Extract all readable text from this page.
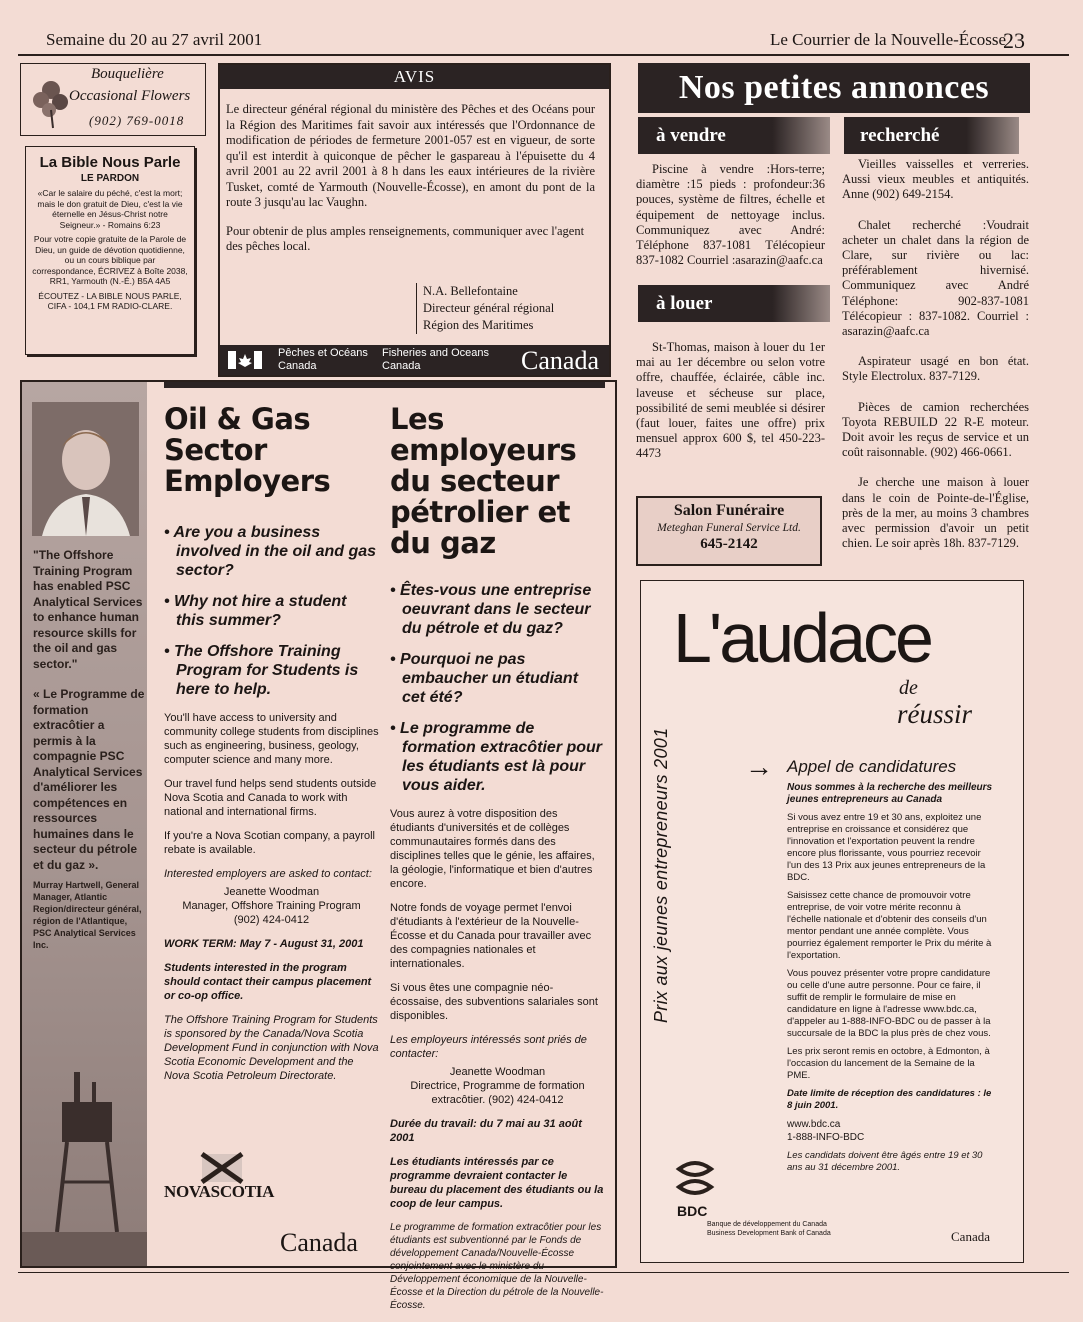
Semaine du 20 au 27 avril 2001	Le Courrier de la Nouvelle-Écosse
23
Bouquelière
Occasional Flowers
(902) 769-0018
La Bible Nous Parle
LE PARDON
«Car le salaire du péché, c'est la mort; mais le don gratuit de Dieu, c'est la vie éternelle en Jésus-Christ notre Seigneur.» - Romains 6:23
Pour votre copie gratuite de la Parole de Dieu, un guide de dévotion quotidienne, ou un cours biblique par correspondance, ÉCRIVEZ à Boîte 2038, RR1, Yarmouth (N.-É.) B5A 4A5
ÉCOUTEZ - LA BIBLE NOUS PARLE, CIFA - 104,1 FM RADIO-CLARE.
AVIS
Le directeur général régional du ministère des Pêches et des Océans pour la Région des Maritimes fait savoir aux intéressés que l'Ordonnance de modification de périodes de fermeture 2001-057 est en vigueur, de sorte qu'il est interdit à quiconque de pêcher le gaspareau à l'épuisette du 4 avril 2001 au 22 avril 2001 à 8 h dans les eaux intérieures de la rivière Tusket, comté de Yarmouth (Nouvelle-Écosse), en amont du pont de la route 3 jusqu'au lac Vaughn.
Pour obtenir de plus amples renseignements, communiquer avec l'agent des pêches local.
N.A. Bellefontaine
Directeur général régional
Région des Maritimes
Pêches et Océans
Canada
Fisheries and Oceans
Canada	Canada
Nos petites annonces
à vendre
Piscine à vendre :Hors-terre; diamètre :15 pieds : profondeur:36 pouces, système de filtres, échelle et équipement de nettoyage inclus. Communiquez avec André: Téléphone 837-1081 Télécopieur 837-1082 Courriel :asarazin@aafc.ca
à louer
St-Thomas, maison à louer du 1er mai au 1er décembre ou selon votre offre, chauffée, éclairée, câble inc. laveuse et sécheuse sur place, possibilité de semi meublée si désirer (faut louer, faites une offre) prix mensuel approx 600 $, tel 450-223-4473
recherché

Vieilles vaisselles et verreries. Aussi vieux meubles et antiquités. Anne (902) 649-2154.

Chalet recherché :Voudrait acheter un chalet dans la région de Clare, sur rivière ou lac: préférablement hivernisé. Communiquez avec André Téléphone: 902-837-1081 Télécopieur : 837-1082. Courriel : asarazin@aafc.ca

Aspirateur usagé en bon état. Style Electrolux. 837-7129.

Pièces de camion recherchées Toyota REBUILD 22 R-E moteur. Doit avoir les reçus de service et un coût raisonnable. (902) 466-0661.

Je cherche une maison à louer dans le coin de Pointe-de-l'Église, près de la mer, au moins 3 chambres avec permission d'avoir un petit chien. Le soir après 18h. 837-7129.

Salon Funéraire
Meteghan Funeral Service Ltd.
645-2142
"The Offshore Training Program has enabled PSC Analytical Services to enhance human resource skills for the oil and gas sector."
« Le Programme de formation extracôtier a permis à la compagnie PSC Analytical Services d'améliorer les compétences en ressources humaines dans le secteur du pétrole et du gaz ».
Murray Hartwell, General Manager, Atlantic Region/directeur général, région de l'Atlantique, PSC Analytical Services Inc.
Oil & Gas Sector Employers
• Are you a business involved in the oil and gas sector?
• Why not hire a student this summer?
• The Offshore Training Program for Students is here to help.

You'll have access to university and community college students from disciplines such as engineering, business, geology, computer science and many more.

Our travel fund helps send students outside Nova Scotia and Canada to work with national and international firms.

If you're a Nova Scotian company, a payroll rebate is available.

Interested employers are asked to contact:

Jeanette Woodman
Manager, Offshore Training Program
(902) 424-0412

WORK TERM: May 7 - August 31, 2001

Students interested in the program should contact their campus placement or co-op office.

The Offshore Training Program for Students is sponsored by the Canada/Nova Scotia Development Fund in conjunction with Nova Scotia Economic Development and the Nova Scotia Petroleum Directorate.

NOVASCOTIA
Les employeurs du secteur pétrolier et du gaz
• Êtes-vous une entreprise oeuvrant dans le secteur du pétrole et du gaz?
• Pourquoi ne pas embaucher un étudiant cet été?
• Le programme de formation extracôtier pour les étudiants est là pour vous aider.

Vous aurez à votre disposition des étudiants d'universités et de collèges communautaires formés dans des disciplines telles que le génie, les affaires, la géologie, l'informatique et bien d'autres encore.

Notre fonds de voyage permet l'envoi d'étudiants à l'extérieur de la Nouvelle-Écosse et du Canada pour travailler avec des compagnies nationales et internationales.

Si vous êtes une compagnie néo-écossaise, des subventions salariales sont disponibles.

Les employeurs intéressés sont priés de contacter:

Jeanette Woodman
Directrice, Programme de formation extracôtier. (902) 424-0412

Durée du travail: du 7 mai au 31 août 2001

Les étudiants intéressés par ce programme devraient contacter le bureau du placement des étudiants ou la coop de leur campus.

Le programme de formation extracôtier pour les étudiants est subventionné par le Fonds de développement Canada/Nouvelle-Écosse conjointement avec le ministère du Développement économique de la Nouvelle-Écosse et la Direction du pétrole de la Nouvelle-Écosse.

Canada
L'audace
de
réussir
Prix aux jeunes entrepreneurs 2001	→ Appel de candidatures

Nous sommes à la recherche des meilleurs jeunes entrepreneurs au Canada

Si vous avez entre 19 et 30 ans, exploitez une entreprise en croissance et considérez que l'innovation et l'exportation peuvent la rendre encore plus florissante, vous pourriez recevoir l'un des 13 Prix aux jeunes entrepreneurs de la BDC.

Saisissez cette chance de promouvoir votre entreprise, de voir votre mérite reconnu à l'échelle nationale et d'obtenir des conseils d'un mentor pendant une année complète. Vous pourriez également remporter le Prix du mérite à l'exportation.

Vous pouvez présenter votre propre candidature ou celle d'une autre personne. Pour ce faire, il suffit de remplir le formulaire de mise en candidature en ligne à l'adresse www.bdc.ca, d'appeler au 1-888-INFO-BDC ou de passer à la succursale de la BDC la plus près de chez vous.

Les prix seront remis en octobre, à Edmonton, à l'occasion du lancement de la Semaine de la PME.

Date limite de réception des candidatures : le 8 juin 2001.

www.bdc.ca
1-888-INFO-BDC

Les candidats doivent être âgés entre 19 et 30 ans au 31 décembre 2001.

BDC
Banque de développement du Canada
Business Development Bank of Canada	Canada
